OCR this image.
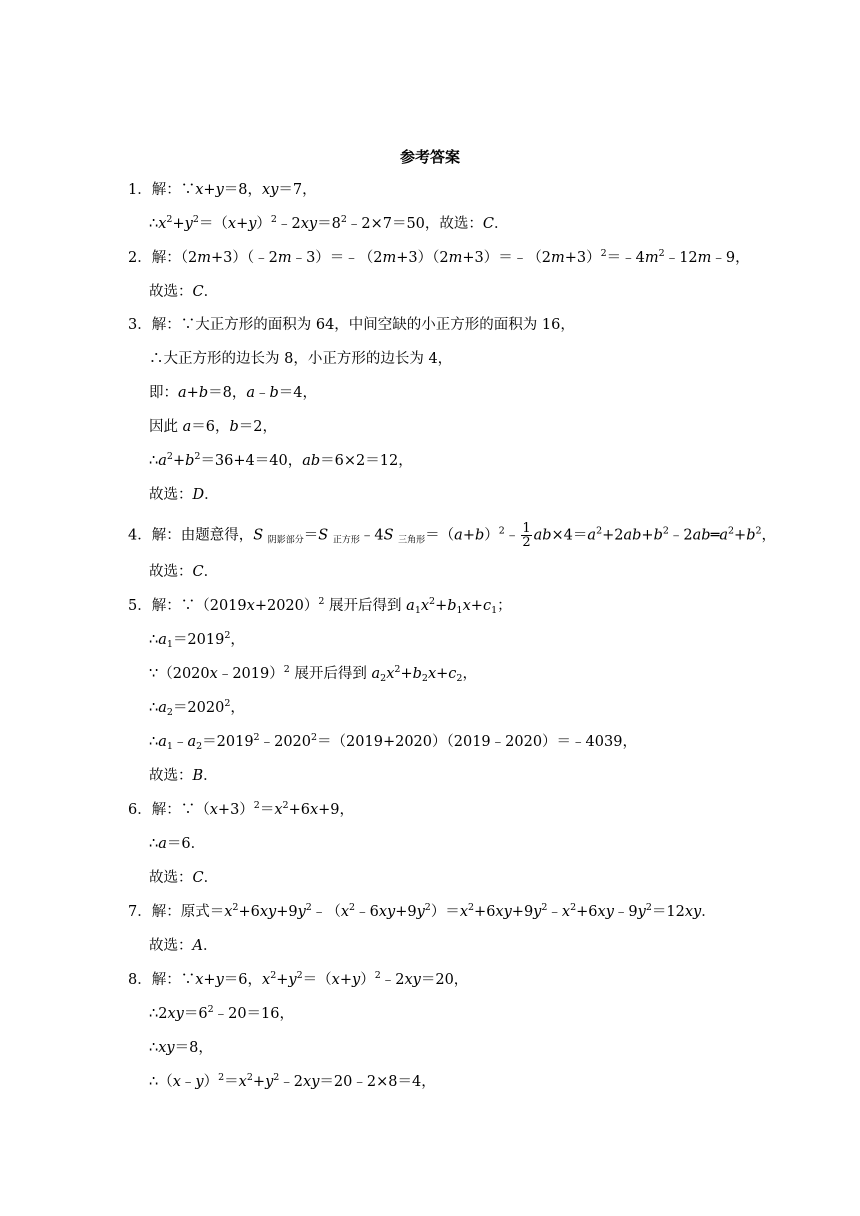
参考答案
1．解：∵x+y＝8，xy＝7，
$\therefore x^2+y^2=(x+y)^2﹣2xy=8^2﹣2\times 7=50$，故选：C．
2．解：$(2m+3)(﹣2m﹣3)=﹣(2m+3)(2m+3)=﹣(2m+3)^2=﹣4m^2﹣12m﹣9$，
故选：C．
3．解：∵大正方形的面积为 64，中间空缺的小正方形的面积为 16，
∴大正方形的边长为 8，小正方形的边长为 4，
即：a+b＝8，a﹣b＝4，
因此 a＝6，b＝2，
$\therefore a^2+b^2=36+4=40$，ab＝6×2＝12，
故选：D．
4．解：由题意得，S $_{阴影部分}$＝S $_{正方形}$﹣4S $_{三角形}=(a+b)^2﹣ \frac{1}{2}$ $ab\times 4=a^2+2ab+b^2﹣2ab═a^2+b^2$，
故选：C．
5．解：$\because(2019x+2020)^2$ 展开后得到 $a_1x^2+b_1x+c_1$；
$\therefore a_1=2019^2$，
∵（2020x﹣2019）$^2$ 展开后得到 $a_2x^2+b_2x+c_2$，
$\therefore a_2=2020^2$，
$\therefore a_1﹣a_2=2019^2﹣2020^2=(2019+2020)(2019﹣2020)=﹣4039$，
故选：B．
6．解：$\because(x+3)^2=x^2+6x+9$，
∴a＝6．
故选：C．
7．解：原式$=x^2+6xy+9y^2﹣(x^2﹣6xy+9y^2)=x^2+6xy+9y^2﹣x^2+6xy﹣9y^2=12xy$．
故选：A．
8．解：∵x+y＝6，$x^2+y^2=(x+y)^2﹣2xy=20$，
$\therefore 2xy=6^2﹣20=16$，
∴xy＝8，
$\therefore(x﹣y)^2=x^2+y^2﹣2xy=20﹣2\times 8=4$，
